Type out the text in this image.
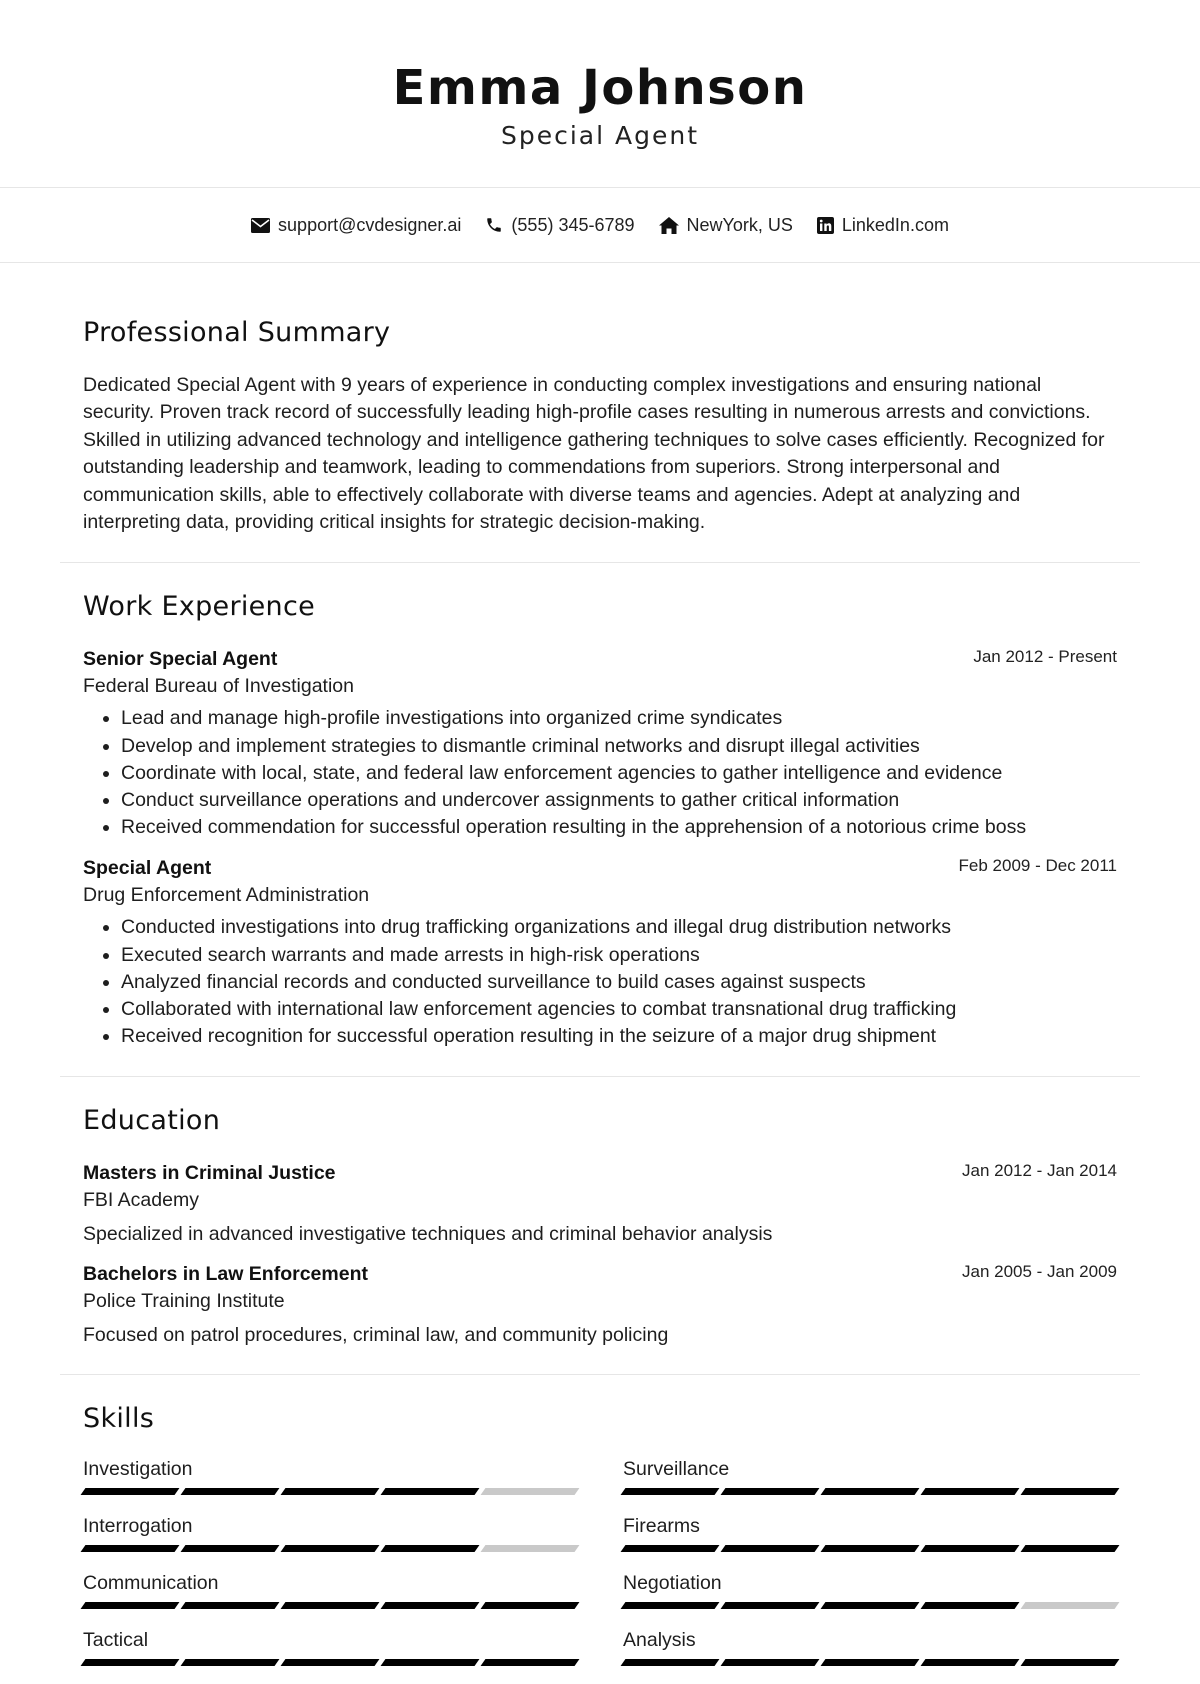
Emma Johnson
Special Agent
support@cvdesigner.ai	(555) 345-6789	NewYork, US	LinkedIn.com
Professional Summary

Dedicated Special Agent with 9 years of experience in conducting complex investigations and ensuring national security. Proven track record of successfully leading high-profile cases resulting in numerous arrests and convictions. Skilled in utilizing advanced technology and intelligence gathering techniques to solve cases efficiently. Recognized for outstanding leadership and teamwork, leading to commendations from superiors. Strong interpersonal and communication skills, able to effectively collaborate with diverse teams and agencies. Adept at analyzing and interpreting data, providing critical insights for strategic decision-making.

Work Experience
Senior Special Agent	Jan 2012 - Present
Federal Bureau of Investigation
• Lead and manage high-profile investigations into organized crime syndicates
• Develop and implement strategies to dismantle criminal networks and disrupt illegal activities
• Coordinate with local, state, and federal law enforcement agencies to gather intelligence and evidence
• Conduct surveillance operations and undercover assignments to gather critical information
• Received commendation for successful operation resulting in the apprehension of a notorious crime boss
Special Agent	Feb 2009 - Dec 2011
Drug Enforcement Administration
• Conducted investigations into drug trafficking organizations and illegal drug distribution networks
• Executed search warrants and made arrests in high-risk operations
• Analyzed financial records and conducted surveillance to build cases against suspects
• Collaborated with international law enforcement agencies to combat transnational drug trafficking
• Received recognition for successful operation resulting in the seizure of a major drug shipment
Education
Masters in Criminal Justice	Jan 2012 - Jan 2014
FBI Academy
Specialized in advanced investigative techniques and criminal behavior analysis
Bachelors in Law Enforcement	Jan 2005 - Jan 2009
Police Training Institute
Focused on patrol procedures, criminal law, and community policing
Skills
Investigation	Surveillance
Interrogation	Firearms
Communication	Negotiation
Tactical	Analysis
